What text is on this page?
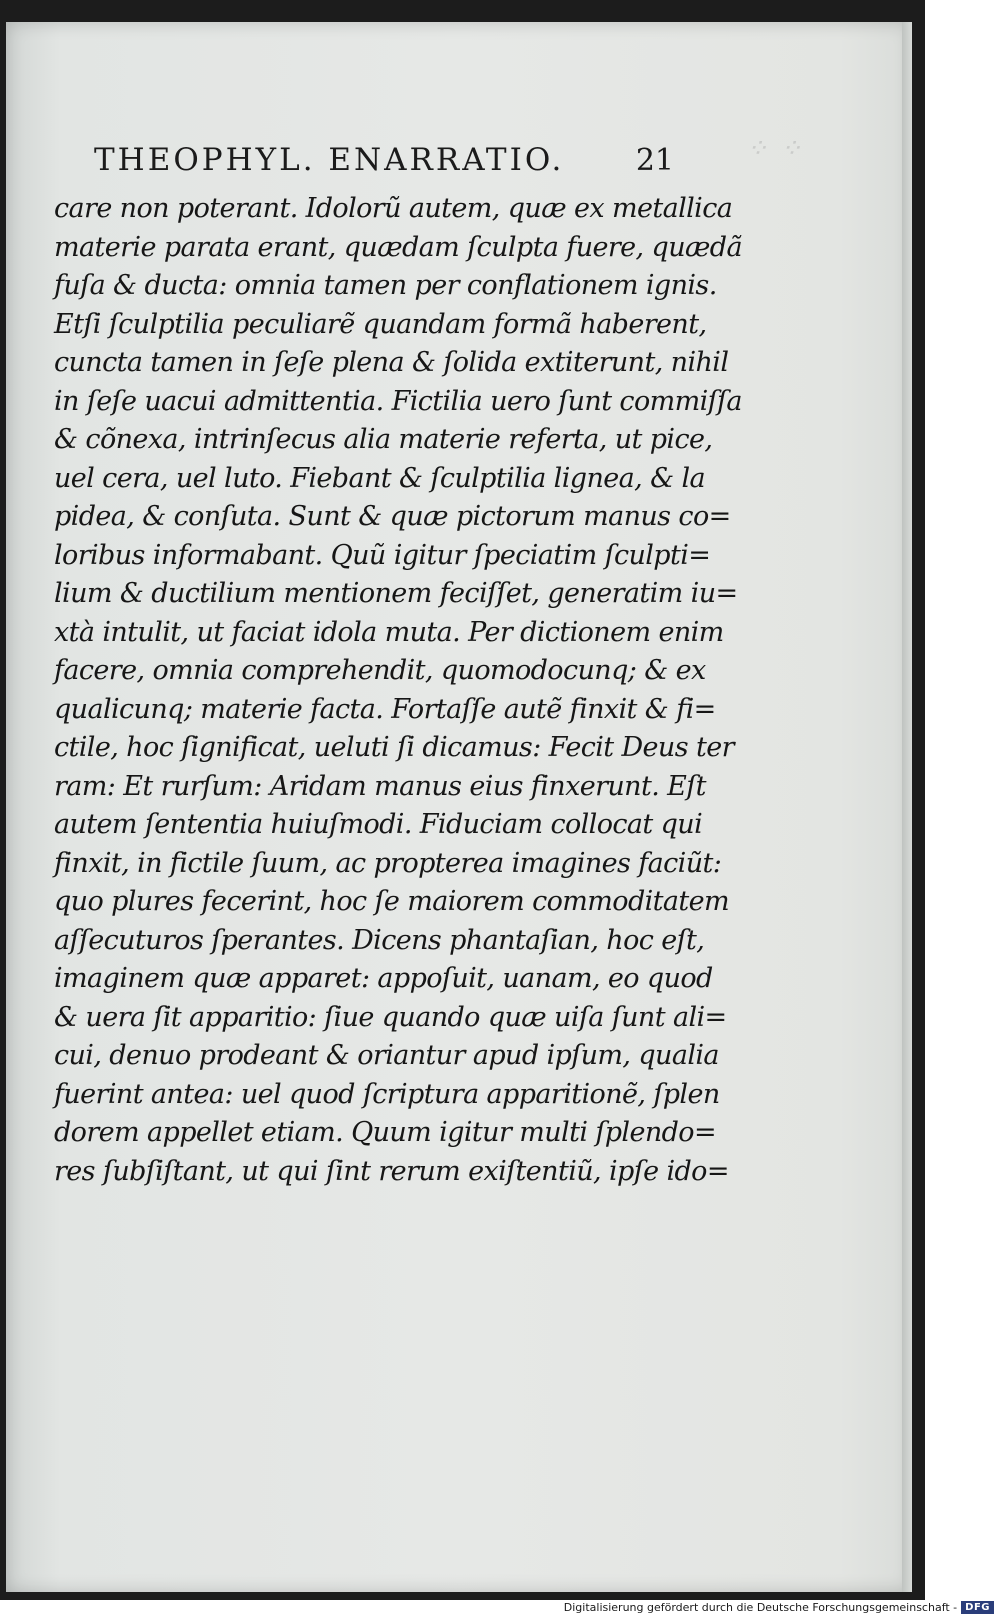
⁘ ⁘
THEOPHYL. ENARRATIO. 21
care non poterant. Idolorũ autem, quæ ex metallica
materie parata erant, quædam ſculpta fuere, quædã
fuſa & ducta: omnia tamen per conflationem ignis.
Etſi ſculptilia peculiarẽ quandam formã haberent,
cuncta tamen in ſeſe plena & ſolida extiterunt, nihil
in ſeſe uacui admittentia. Fictilia uero ſunt commiſſa
& cõnexa, intrinſecus alia materie referta, ut pice,
uel cera, uel luto. Fiebant & ſculptilia lignea, & la
pidea, & conſuta. Sunt & quæ pictorum manus co=
loribus informabant. Quũ igitur ſpeciatim ſculpti=
lium & ductilium mentionem feciſſet, generatim iu=
xtà intulit, ut faciat idola muta. Per dictionem enim
facere, omnia comprehendit, quomodocunq; & ex
qualicunq; materie facta. Fortaſſe autẽ finxit & fi=
ctile, hoc ſignificat, ueluti ſi dicamus: Fecit Deus ter
ram: Et rurſum: Aridam manus eius finxerunt. Eſt
autem ſententia huiuſmodi. Fiduciam collocat qui
finxit, in fictile ſuum, ac propterea imagines faciũt:
quo plures fecerint, hoc ſe maiorem commoditatem
aſſecuturos ſperantes. Dicens phantaſian, hoc eſt,
imaginem quæ apparet: appoſuit, uanam, eo quod
& uera ſit apparitio: ſiue quando quæ uiſa ſunt ali=
cui, denuo prodeant & oriantur apud ipſum, qualia
fuerint antea: uel quod ſcriptura apparitionẽ, ſplen
dorem appellet etiam. Quum igitur multi ſplendo=
res ſubſiſtant, ut qui ſint rerum exiſtentiũ, ipſe ido=
Digitalisierung gefördert durch die Deutsche Forschungsgemeinschaft - DFG
